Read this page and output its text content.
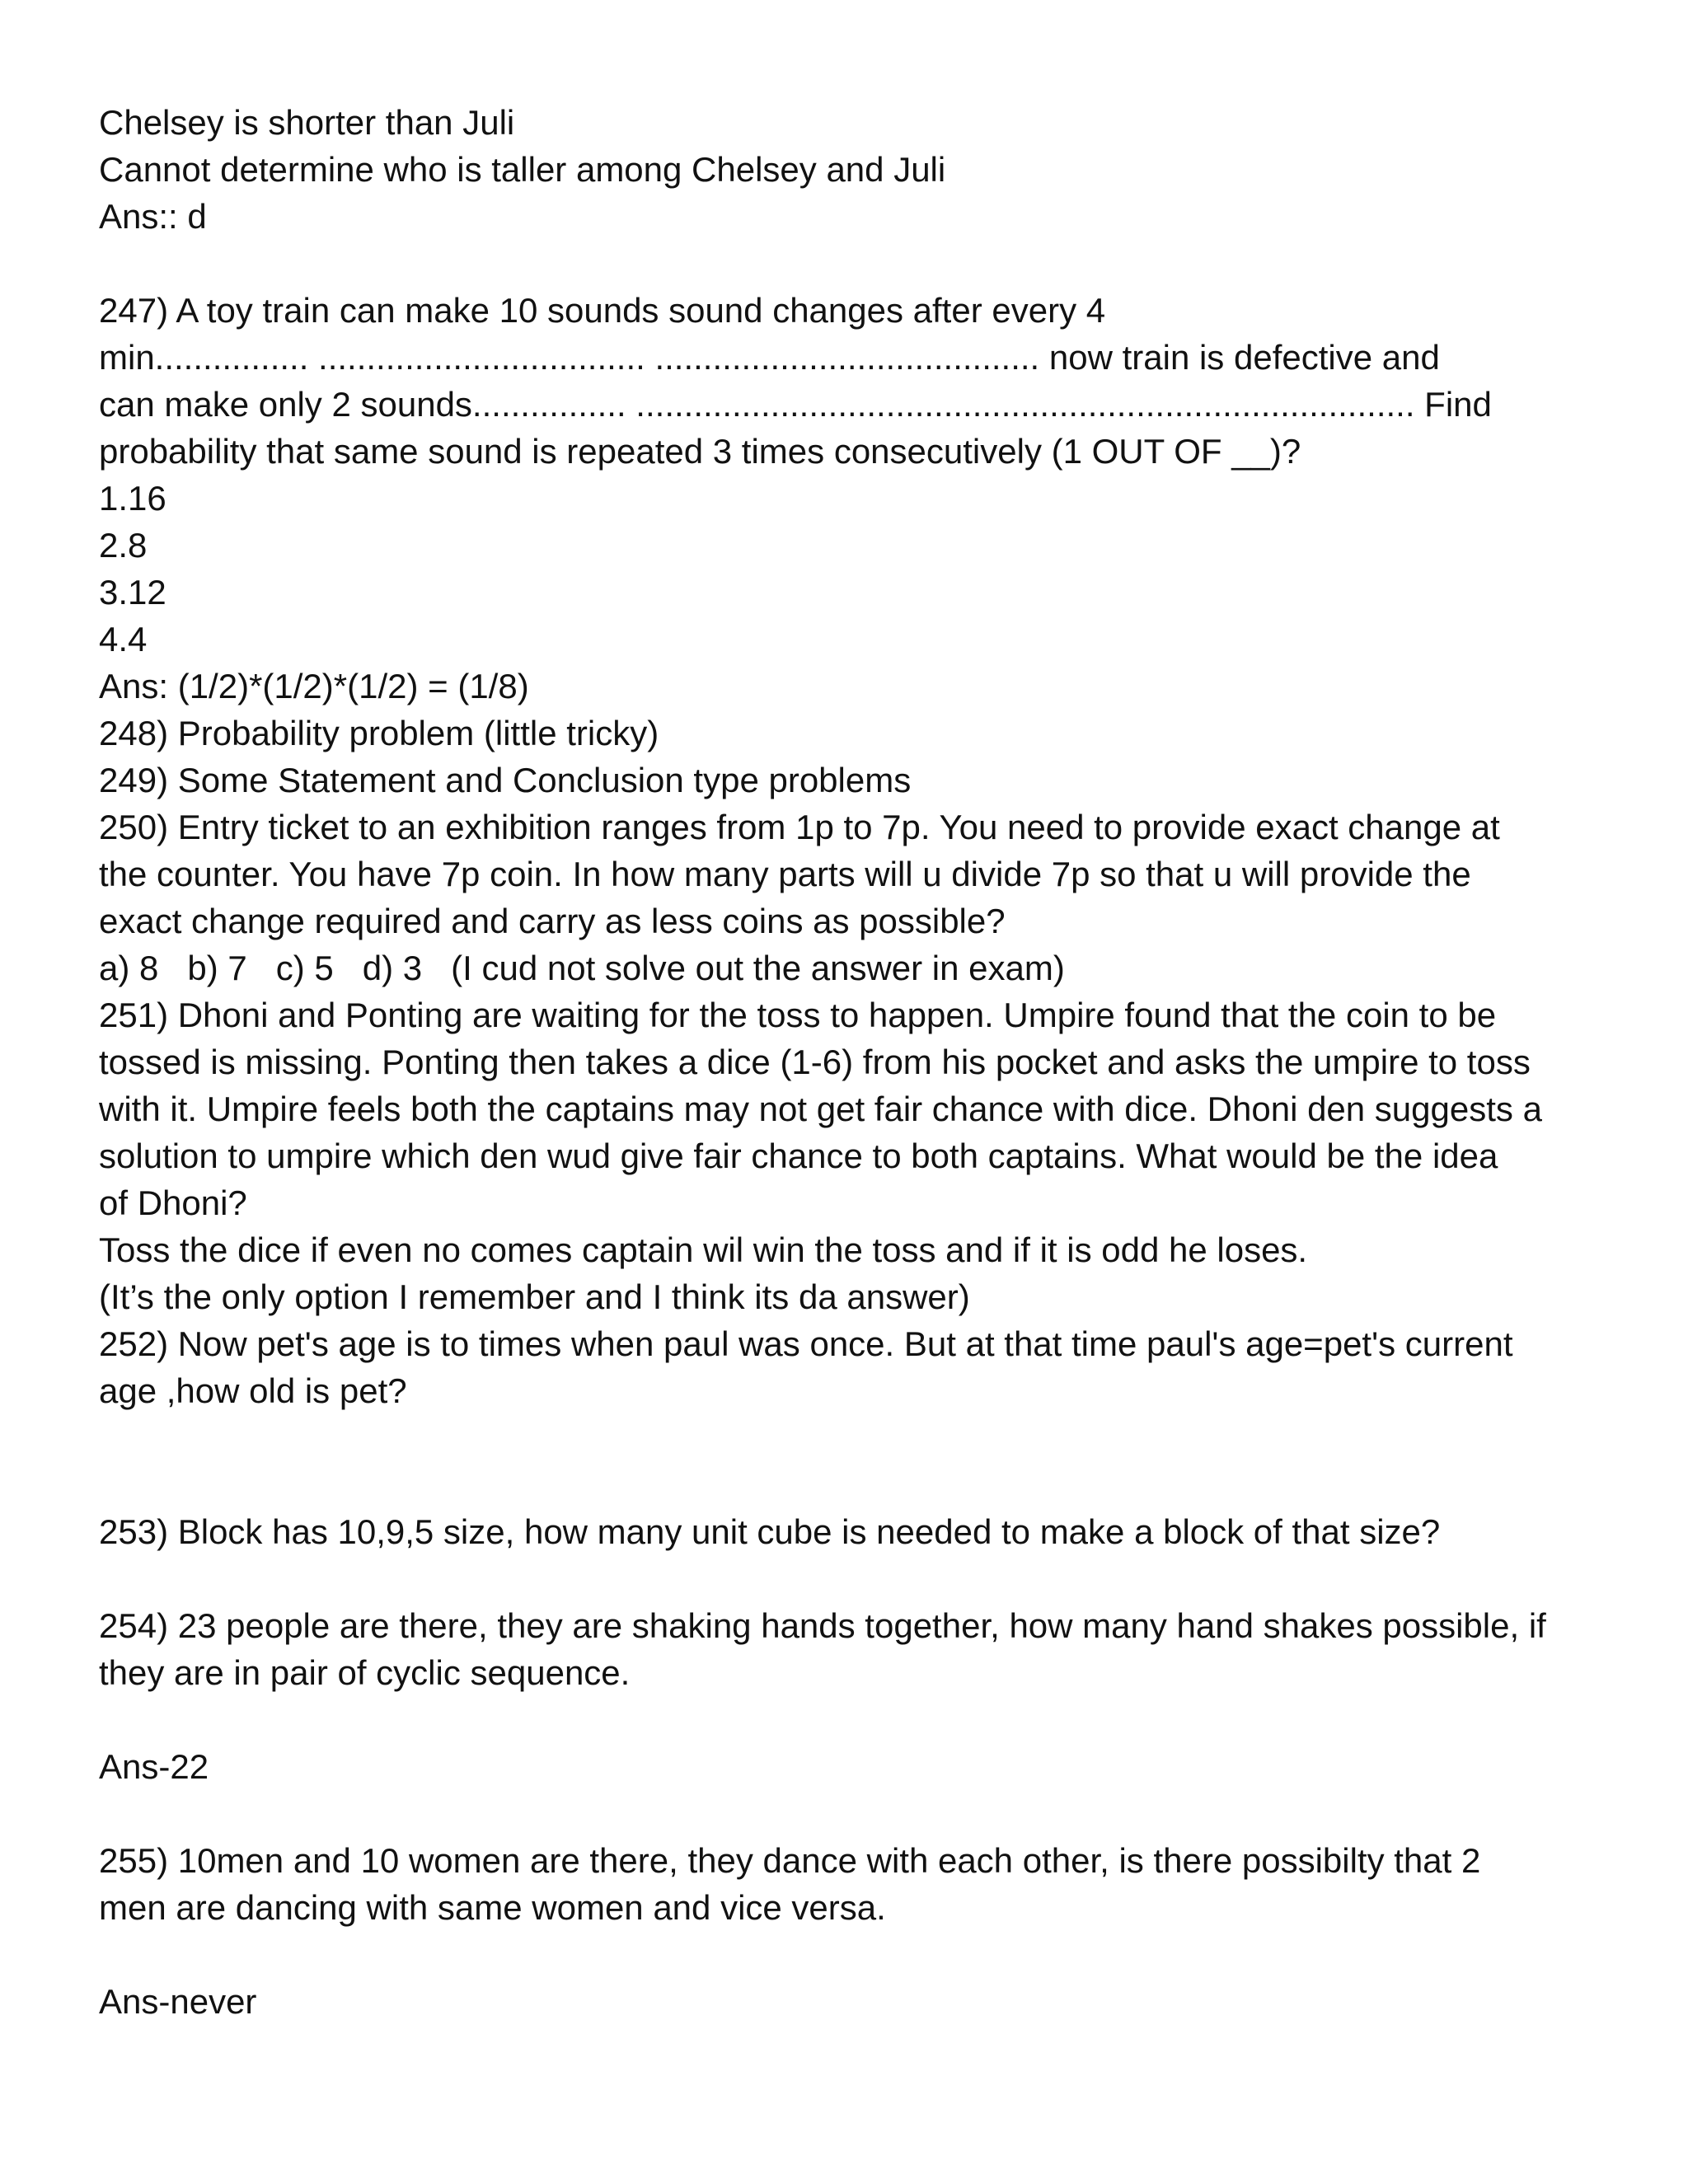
Chelsey is shorter than Juli
Cannot determine who is taller among Chelsey and Juli
Ans:: d
247) A toy train can make 10 sounds sound changes after every 4
min................ .................................. ........................................ now train is defective and
can make only 2 sounds................ ................................................................................. Find
probability that same sound is repeated 3 times consecutively (1 OUT OF __)?
1.16
2.8
3.12
4.4
Ans: (1/2)*(1/2)*(1/2) = (1/8)
248) Probability problem (little tricky)
249) Some Statement and Conclusion type problems
250) Entry ticket to an exhibition ranges from 1p to 7p. You need to provide exact change at
the counter. You have 7p coin. In how many parts will u divide 7p so that u will provide the
exact change required and carry as less coins as possible?
a) 8   b) 7   c) 5   d) 3   (I cud not solve out the answer in exam)
251) Dhoni and Ponting are waiting for the toss to happen. Umpire found that the coin to be
tossed is missing. Ponting then takes a dice (1-6) from his pocket and asks the umpire to toss
with it. Umpire feels both the captains may not get fair chance with dice. Dhoni den suggests a
solution to umpire which den wud give fair chance to both captains. What would be the idea
of Dhoni?
Toss the dice if even no comes captain wil win the toss and if it is odd he loses.
(It’s the only option I remember and I think its da answer)
252) Now pet's age is to times when paul was once. But at that time paul's age=pet's current
age ,how old is pet?
253) Block has 10,9,5 size, how many unit cube is needed to make a block of that size?
254) 23 people are there, they are shaking hands together, how many hand shakes possible, if
they are in pair of cyclic sequence.
Ans-22
255) 10men and 10 women are there, they dance with each other, is there possibilty that 2
men are dancing with same women and vice versa.
Ans-never
